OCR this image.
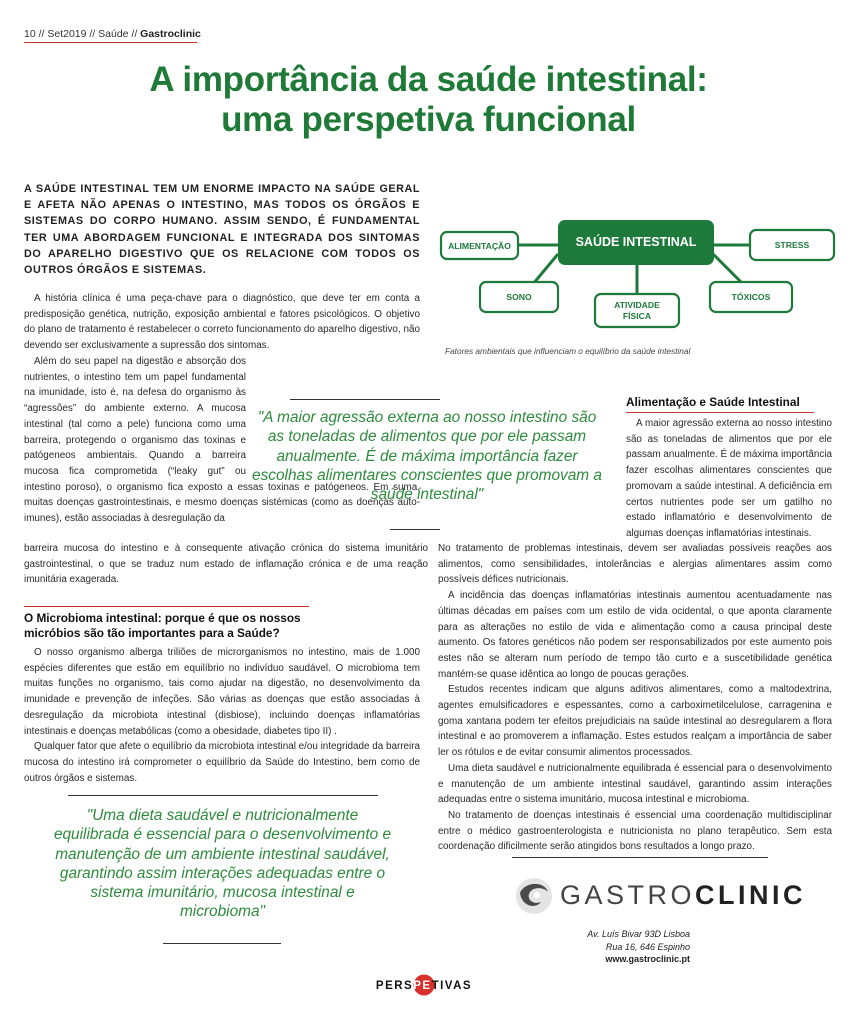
10 // Set2019 // Saúde // Gastroclinic
A importância da saúde intestinal:
uma perspetiva funcional
A SAÚDE INTESTINAL TEM UM ENORME IMPACTO NA SAÚDE GERAL E AFETA NÃO APENAS O INTESTINO, MAS TODOS OS ÓRGÃOS E SISTEMAS DO CORPO HUMANO. ASSIM SENDO, É FUNDAMENTAL TER UMA ABORDAGEM FUNCIONAL E INTEGRADA DOS SINTOMAS DO APARELHO DIGESTIVO QUE OS RELACIONE COM TODOS OS OUTROS ÓRGÃOS E SISTEMAS.

A história clínica é uma peça-chave para o diagnóstico, que deve ter em conta a predisposição genética, nutrição, exposição ambiental e fatores psicológicos. O objetivo do plano de tratamento é restabelecer o correto funcionamento do aparelho digestivo, não devendo ser exclusivamente a supressão dos sintomas.

Além do seu papel na digestão e absorção dos nutrientes, o intestino tem um papel fundamental na imunidade, isto é, na defesa do organismo às “agressões” do ambiente externo. A mucosa intestinal (tal como a pele) funciona como uma barreira, protegendo o organismo das toxinas e patógeneos ambientais. Quando a barreira mucosa fica comprometida (“leaky gut” ou intestino poroso), o organismo fica exposto a essas toxinas e patógeneos. Em suma, muitas doenças gastrointestinais, e mesmo doenças sistémicas (como as doenças auto-imunes), estão associadas à desregulação da

barreira mucosa do intestino e à consequente ativação crónica do sistema imunitário gastrointestinal, o que se traduz num estado de inflamação crónica e de uma reação imunitária exagerada.

SAÚDE INTESTINAL
ALIMENTAÇÃO	STRESS
SONO
ATIVIDADE
FÍSICA
TÓXICOS
Fatores ambientais que influenciam o equilíbrio da saúde intestinal
"A maior agressão externa ao nosso intestino são as toneladas de alimentos que por ele passam anualmente. É de máxima importância fazer escolhas alimentares conscientes que promovam a saúde intestinal"
Alimentação e Saúde Intestinal

A maior agressão externa ao nosso intestino são as toneladas de alimentos que por ele passam anualmente. É de máxima importância fazer escolhas alimentares conscientes que promovam a saúde intestinal. A deficiência em certos nutrientes pode ser um gatilho no estado inflamatório e desenvolvimento de algumas doenças inflamatórias intestinais.

No tratamento de problemas intestinais, devem ser avaliadas possíveis reações aos alimentos, como sensibilidades, intolerâncias e alergias alimentares assim como possíveis défices nutricionais.

A incidência das doenças inflamatórias intestinais aumentou acentuadamente nas últimas décadas em países com um estilo de vida ocidental, o que aponta claramente para as alterações no estilo de vida e alimentação como a causa principal deste aumento. Os fatores genéticos não podem ser responsabilizados por este aumento pois estes não se alteram num período de tempo tão curto e a suscetibilidade genética mantém-se quase idêntica ao longo de poucas gerações.

Estudos recentes indicam que alguns aditivos alimentares, como a maltodextrina, agentes emulsificadores e espessantes, como a carboximetilcelulose, carragenina e goma xantana podem ter efeitos prejudiciais na saúde intestinal ao desregularem a flora intestinal e ao promoverem a inflamação. Estes estudos realçam a importância de saber ler os rótulos e de evitar consumir alimentos processados.

Uma dieta saudável e nutricionalmente equilibrada é essencial para o desenvolvimento e manutenção de um ambiente intestinal saudável, garantindo assim interações adequadas entre o sistema imunitário, mucosa intestinal e microbioma.

No tratamento de doenças intestinais é essencial uma coordenação multidisciplinar entre o médico gastroenterologista e nutricionista no plano terapêutico. Sem esta coordenação dificilmente serão atingidos bons resultados a longo prazo.

O Microbioma intestinal: porque é que os nossos micróbios são tão importantes para a Saúde?

O nosso organismo alberga triliões de microrganismos no intestino, mais de 1.000 espécies diferentes que estão em equilíbrio no indivíduo saudável. O microbioma tem muitas funções no organismo, tais como ajudar na digestão, no desenvolvimento da imunidade e prevenção de infeções. São várias as doenças que estão associadas à desregulação da microbiota intestinal (disbiose), incluindo doenças inflamatórias intestinais e doenças metabólicas (como a obesidade, diabetes tipo II) .

Qualquer fator que afete o equilíbrio da microbiota intestinal e/ou integridade da barreira mucosa do intestino irá comprometer o equilíbrio da Saúde do Intestino, bem como de outros órgãos e sistemas.

"Uma dieta saudável e nutricionalmente equilibrada é essencial para o desenvolvimento e manutenção de um ambiente intestinal saudável, garantindo assim interações adequadas entre o sistema imunitário, mucosa intestinal e microbioma"
GASTROCLINIC
Av. Luís Bivar 93D Lisboa
Rua 16, 646 Espinho
www.gastroclinic.pt
PERSPETIVAS
